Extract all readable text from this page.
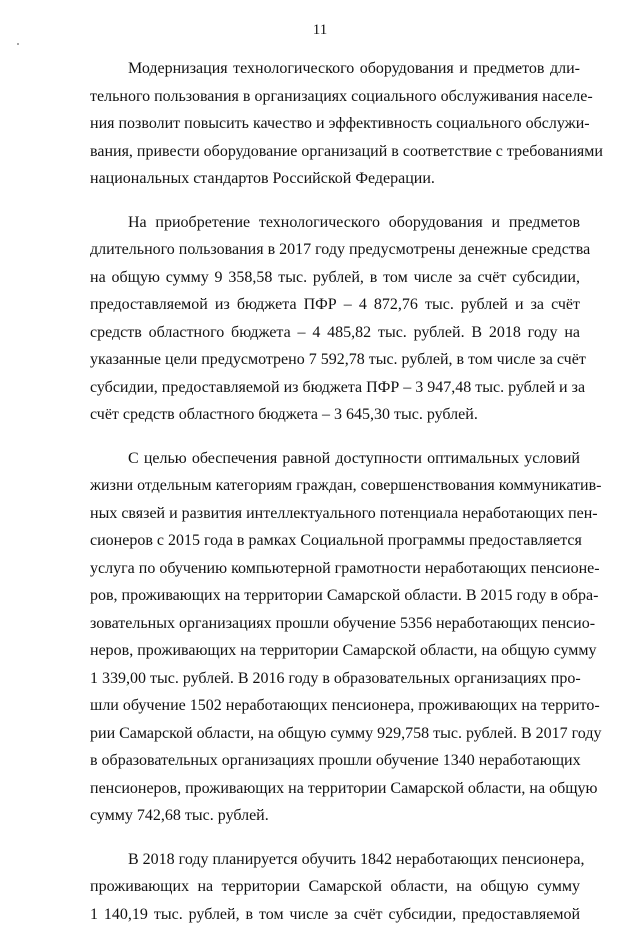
11

Модернизация технологического оборудования и предметов дли-
тельного пользования в организациях социального обслуживания населе-
ния позволит повысить качество и эффективность социального обслужи-
вания, привести оборудование организаций в соответствие с требованиями
национальных стандартов Российской Федерации.

На приобретение технологического оборудования и предметов
длительного пользования в 2017 году предусмотрены денежные средства
на общую сумму 9 358,58 тыс. рублей, в том числе за счёт субсидии,
предоставляемой из бюджета ПФР – 4 872,76 тыс. рублей и за счёт
средств областного бюджета – 4 485,82 тыс. рублей. В 2018 году на
указанные цели предусмотрено 7 592,78 тыс. рублей, в том числе за счёт
субсидии, предоставляемой из бюджета ПФР – 3 947,48 тыс. рублей и за
счёт средств областного бюджета – 3 645,30 тыс. рублей.

С целью обеспечения равной доступности оптимальных условий
жизни отдельным категориям граждан, совершенствования коммуникатив-
ных связей и развития интеллектуального потенциала неработающих пен-
сионеров с 2015 года в рамках Социальной программы предоставляется
услуга по обучению компьютерной грамотности неработающих пенсионе-
ров, проживающих на территории Самарской области. В 2015 году в обра-
зовательных организациях прошли обучение 5356 неработающих пенсио-
неров, проживающих на территории Самарской области, на общую сумму
1 339,00 тыс. рублей. В 2016 году в образовательных организациях про-
шли обучение 1502 неработающих пенсионера, проживающих на террито-
рии Самарской области, на общую сумму 929,758 тыс. рублей. В 2017 году
в образовательных организациях прошли обучение 1340 неработающих
пенсионеров, проживающих на территории Самарской области, на общую
сумму 742,68 тыс. рублей.

В 2018 году планируется обучить 1842 неработающих пенсионера,
проживающих на территории Самарской области, на общую сумму
1 140,19 тыс. рублей, в том числе за счёт субсидии, предоставляемой
